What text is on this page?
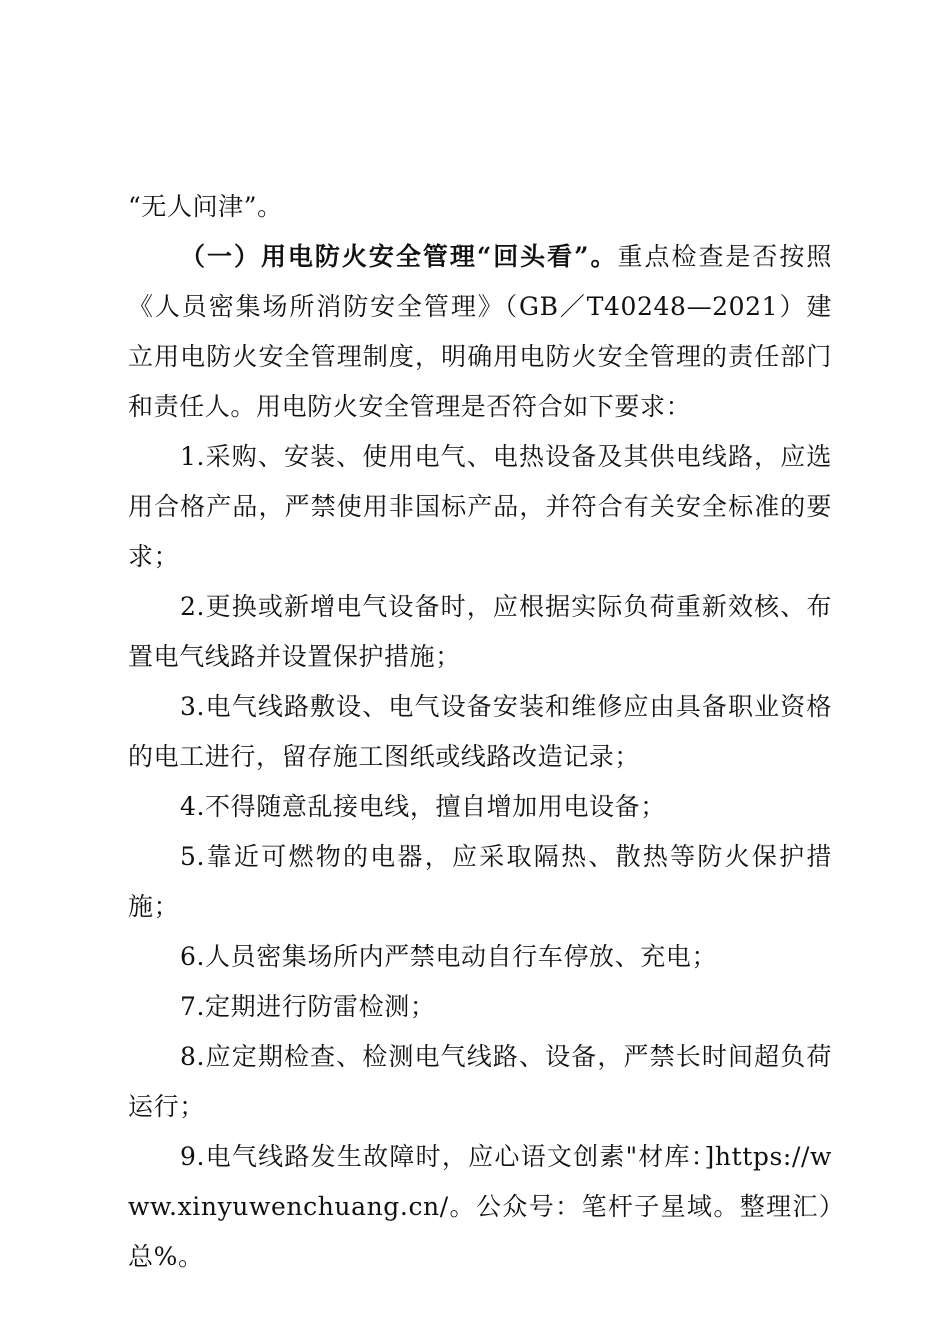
“无人问津”。

（一）用电防火安全管理“回头看”。重点检查是否按照《人员密集场所消防安全管理》（GB／T40248—2021）建立用电防火安全管理制度，明确用电防火安全管理的责任部门和责任人。用电防火安全管理是否符合如下要求：

1.采购、安装、使用电气、电热设备及其供电线路，应选用合格产品，严禁使用非国标产品，并符合有关安全标准的要求；

2.更换或新增电气设备时，应根据实际负荷重新效核、布置电气线路并设置保护措施；

3.电气线路敷设、电气设备安装和维修应由具备职业资格的电工进行，留存施工图纸或线路改造记录；

4.不得随意乱接电线，擅自增加用电设备；

5.靠近可燃物的电器，应采取隔热、散热等防火保护措施；

6.人员密集场所内严禁电动自行车停放、充电；

7.定期进行防雷检测；

8.应定期检查、检测电气线路、设备，严禁长时间超负荷运行；

9.电气线路发生故障时，应心语文创素"材库：]https://www.xinyuwenchuang.cn/。公众号：笔杆子星域。整理汇）总%。
